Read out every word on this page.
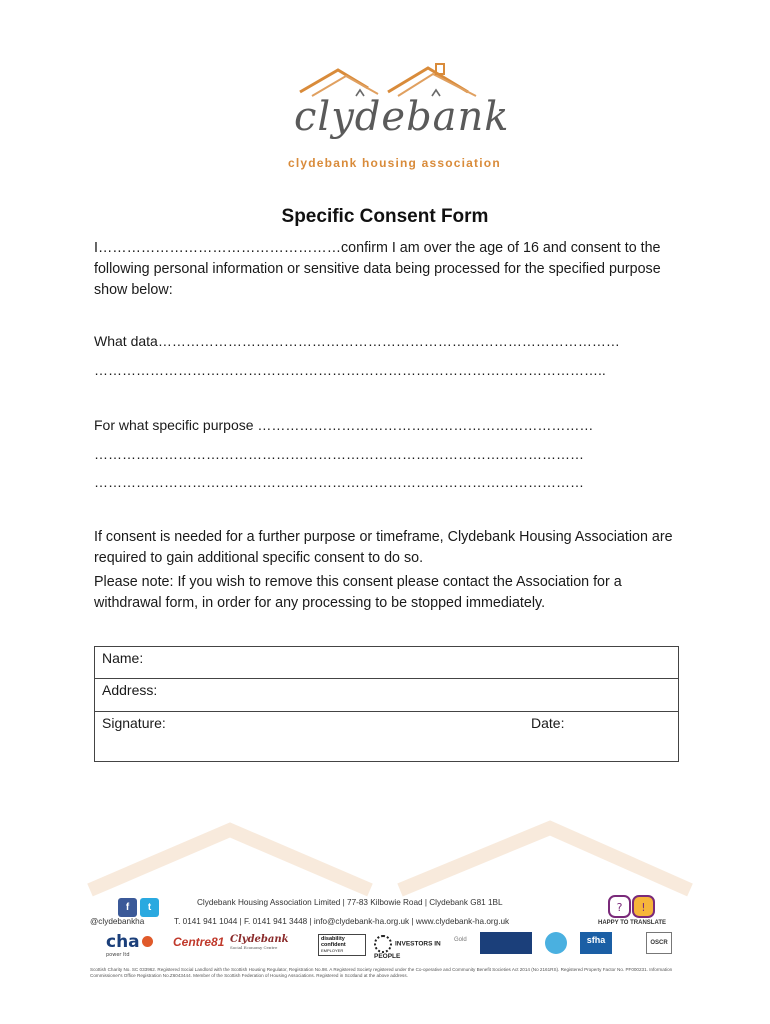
clydebank
clydebank housing association
Specific Consent Form

I……………………………………………confirm I am over the age of 16 and consent to the following personal information or sensitive data being processed for the specified purpose show below:

What data………………………………………………………………………………………
………………………………………………………………………………………………..
For what specific purpose ………………………………………………………………
……………………………………………………………………………………………
……………………………………………………………………………………………

If consent is needed for a further purpose or timeframe, Clydebank Housing Association are required to gain additional specific consent to do so.

Please note: If you wish to remove this consent please contact the Association for a withdrawal form, in order for any processing to be stopped immediately.

Name:
Address:
Signature:	Date:
f	t	Clydebank Housing Association Limited | 77-83 Kilbowie Road | Clydebank G81 1BL
@clydebankha	T. 0141 941 1044 | F. 0141 941 3448 | info@clydebank-ha.org.uk | www.clydebank-ha.org.uk
? !
HAPPY TO TRANSLATE
cha
power ltd
Centre81 Clydebank
Social Economy Centre
disability confident
EMPLOYER
INVESTORS IN PEOPLE
Gold	sfha	OSCR
Scottish Charity No. SC 033962. Registered Social Landlord with the Scottish Housing Regulator, Registration No.98. A Registered Society registered under the Co-operative and Community Benefit Societies Act 2014 (No 2161RS). Registered Property Factor No. PF000231. Information Commissioner's Office Registration No.Z6043444. Member of the Scottish Federation of Housing Associations. Registered in Scotland at the above address.
